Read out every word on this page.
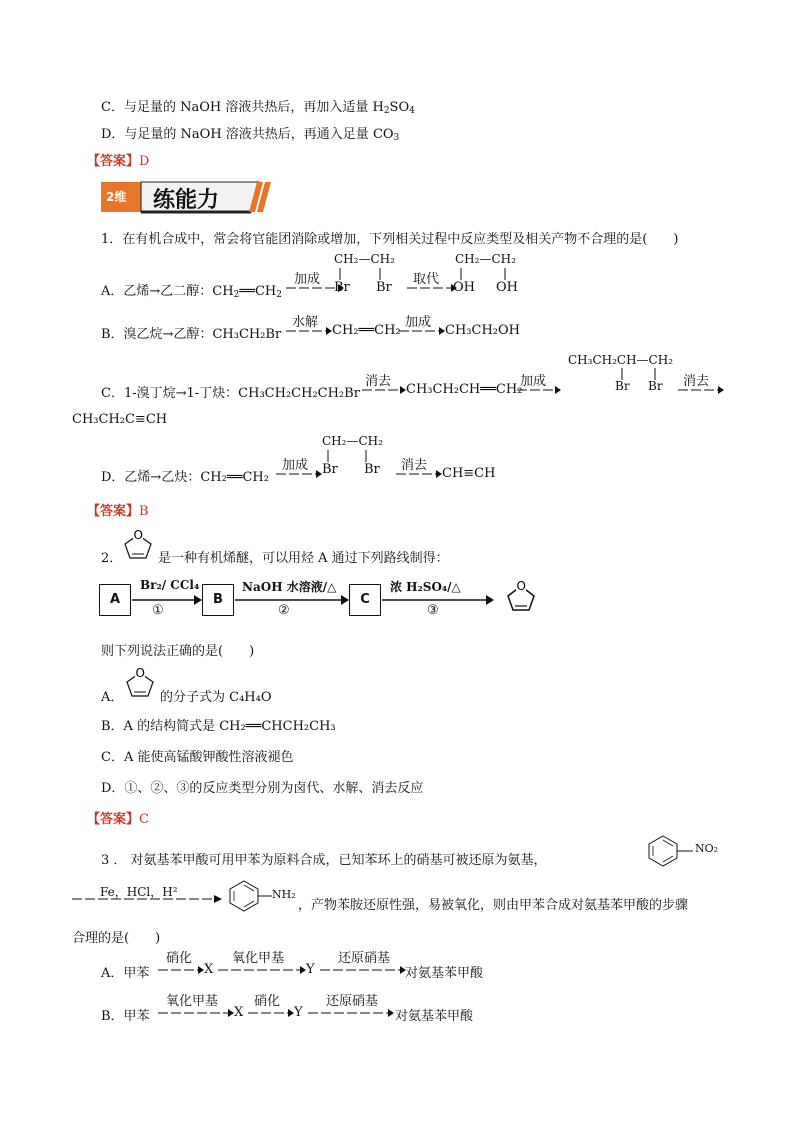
C．与足量的 NaOH 溶液共热后，再加入适量 $H_2SO_4$
D．与足量的 NaOH 溶液共热后，再通入足量 $CO_3$
【答案】D
2维 练能力
1．在有机合成中，常会将官能团消除或增加，下列相关过程中反应类型及相关产物不合理的是(　　)
A．乙烯→乙二醇：$CH_2══CH_2$
加成
CH₂—CH₂
Br Br
取代
CH₂—CH₂
OH OH
B．溴乙烷→乙醇：CH₃CH₂Br
水解
CH₂══CH₂
加成
CH₃CH₂OH
C．1-溴丁烷→1-丁炔：CH₃CH₂CH₂CH₂Br
消去
CH₃CH₂CH══CH₂
加成
CH₃CH₂CH—CH₂
Br Br 消去
CH₃CH₂C≡CH
D．乙烯→乙炔：CH₂══CH₂
加成
CH₂—CH₂
Br Br 消去
CH≡CH
【答案】B
2．
O
是一种有机烯醚，可以用烃 A 通过下列路线制得：
A
Br₂/ CCl₄
①
B
NaOH 水溶液/△
②
C
浓 H₂SO₄/△
③
O
则下列说法正确的是(　　)
A．
O
的分子式为 C₄H₄O
B．A 的结构简式是 CH₂══CHCH₂CH₃
C．A 能使高锰酸钾酸性溶液褪色
D．①、②、③的反应类型分别为卤代、水解、消去反应
【答案】C
3 ． 对氨基苯甲酸可用甲苯为原料合成，已知苯环上的硝基可被还原为氨基，
NO₂
Fe，HCl，H²	NH₂
，产物苯胺还原性强，易被氧化，则由甲苯合成对氨基苯甲酸的步骤
合理的是(　　)
A．甲苯
硝化
X
氧化甲基
Y
还原硝基
对氨基苯甲酸
B．甲苯
氧化甲基
X
硝化
Y
还原硝基
对氨基苯甲酸
